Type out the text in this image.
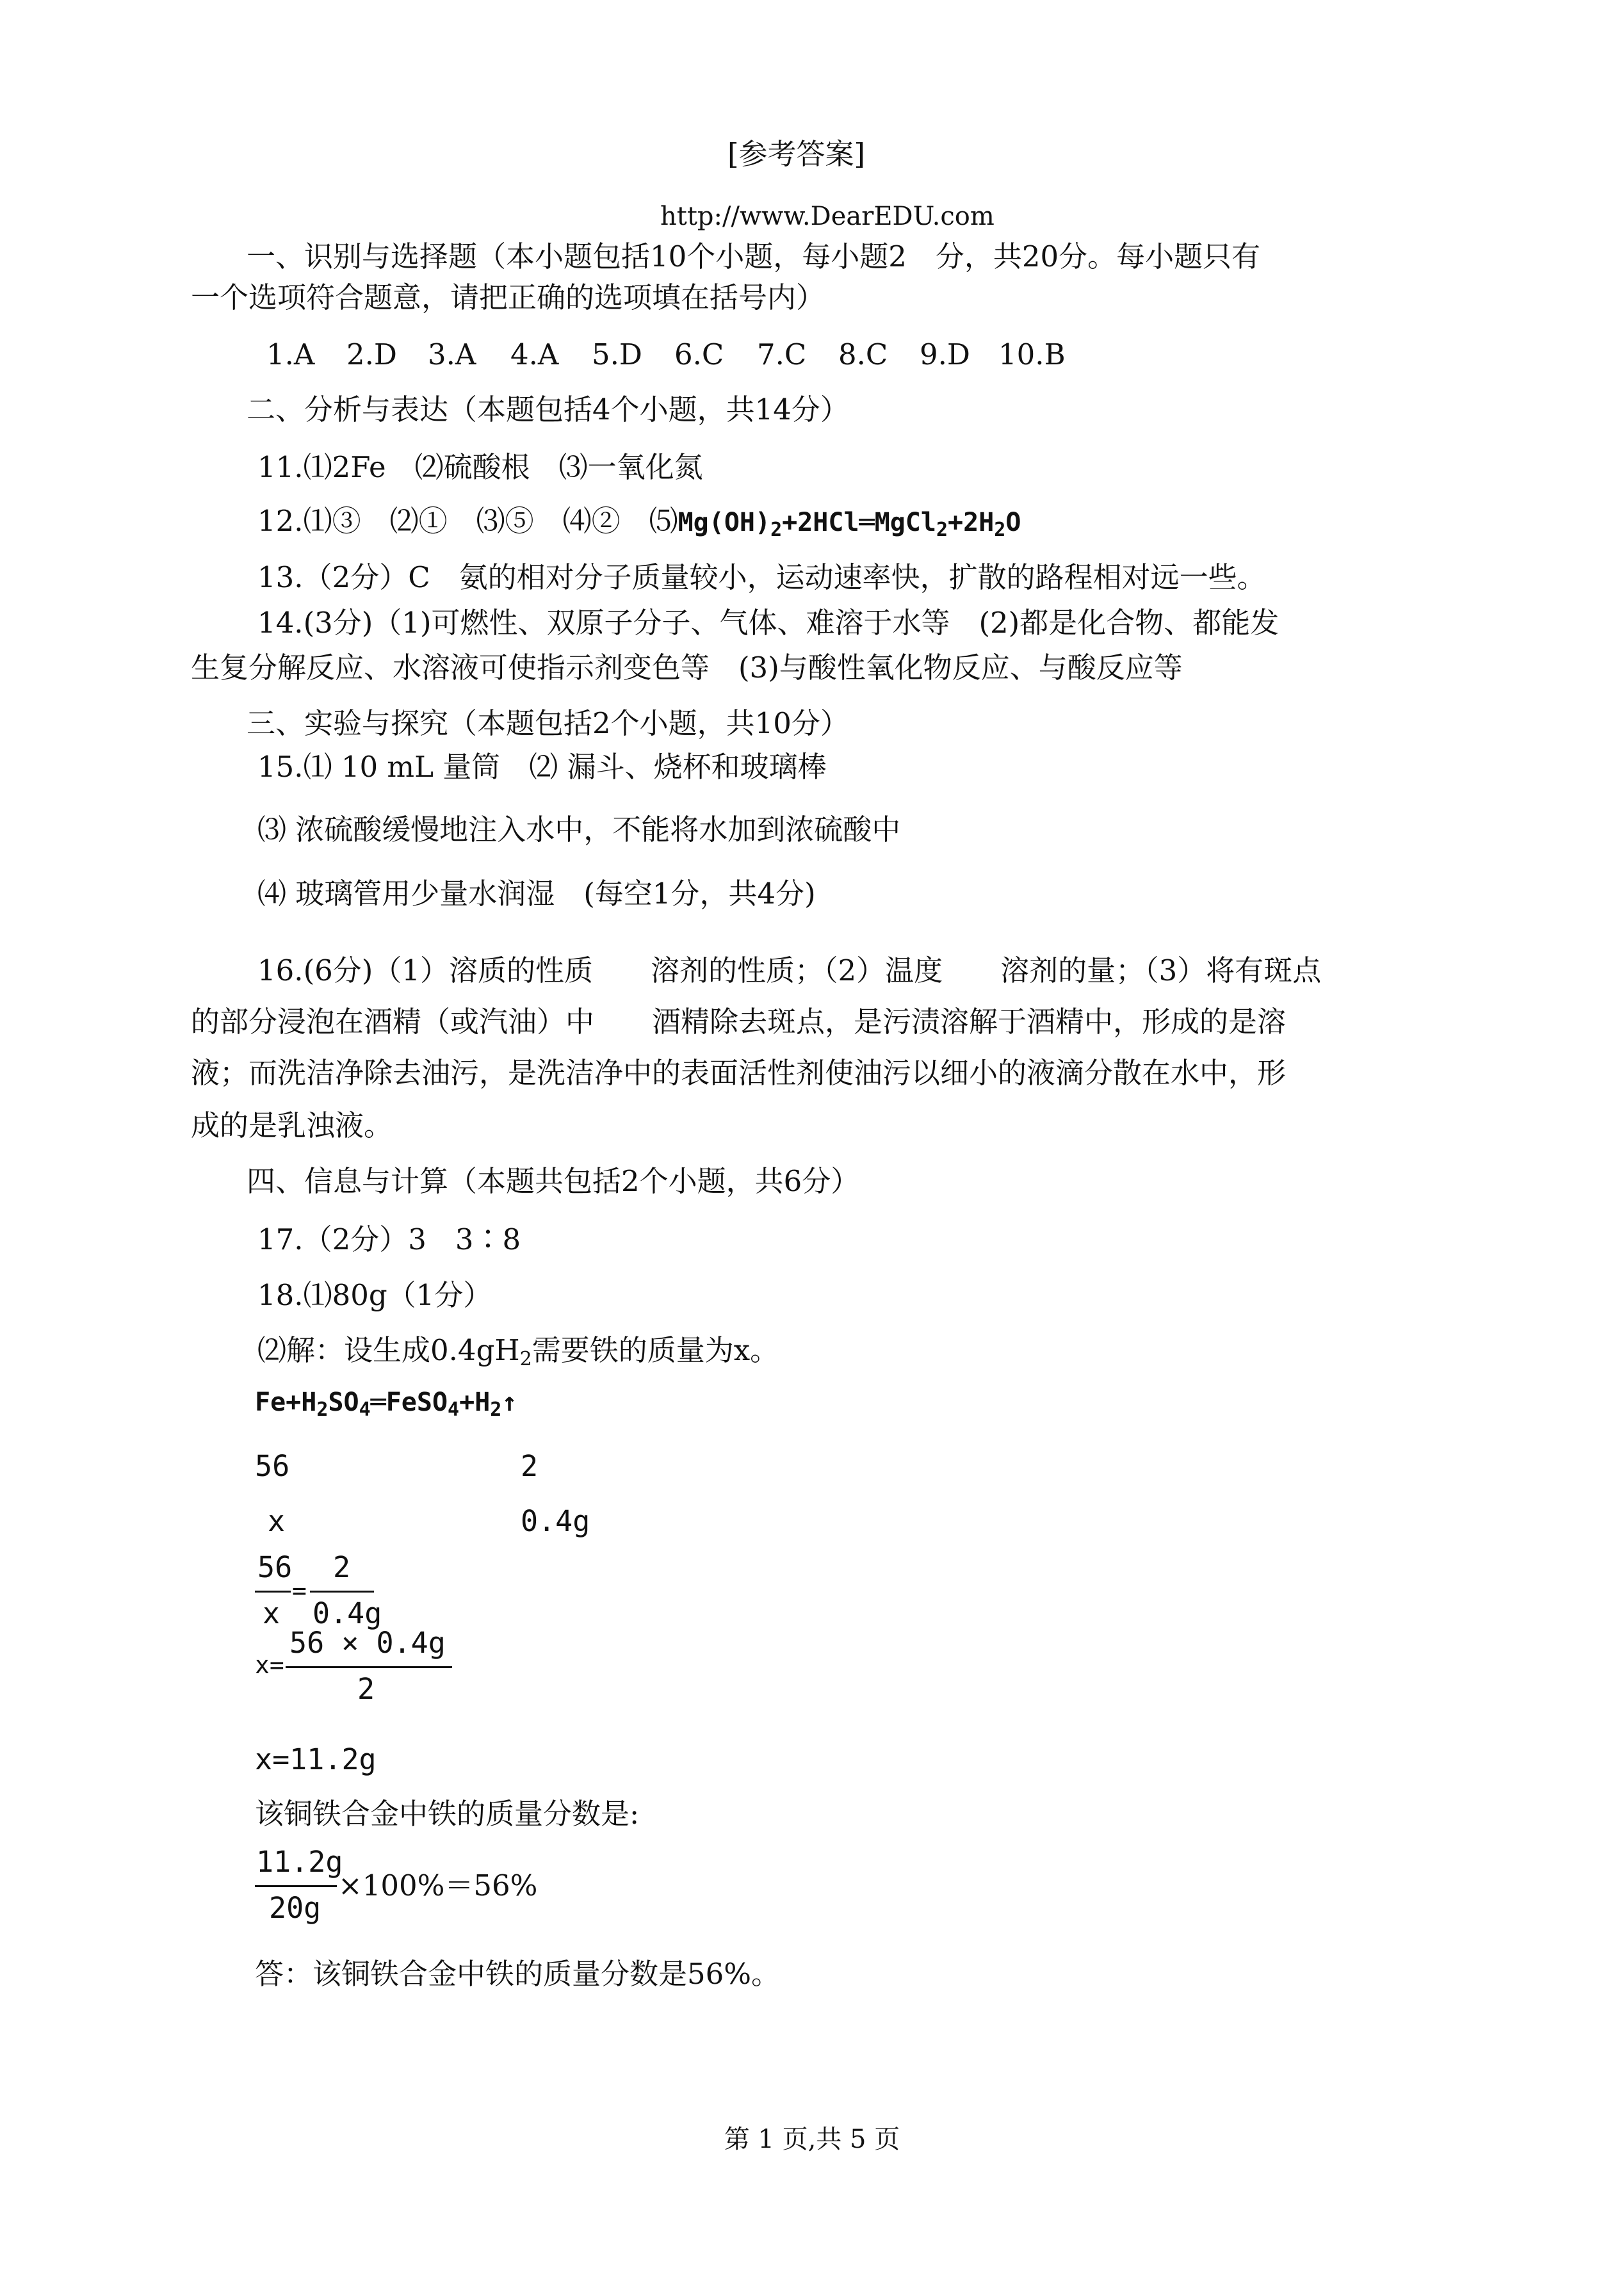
[参考答案]
http://www.DearEDU.com
一、识别与选择题（本小题包括10个小题，每小题2　分，共20分。每小题只有
一个选项符合题意，请把正确的选项填在括号内）
1.A 2.D 3.A 4.A 5.D 6.C 7.C 8.C 9.D 10.B
二、分析与表达（本题包括4个小题，共14分）
11.⑴2Fe　⑵硫酸根　⑶一氧化氮
12.⑴③　⑵①　⑶⑤　⑷②　$⑸Mg(OH)_2+2HCl═MgCl_2+2H_2O$
13.（2分）C　氨的相对分子质量较小，运动速率快，扩散的路程相对远一些。
14.(3分)（1)可燃性、双原子分子、气体、难溶于水等　(2)都是化合物、都能发
生复分解反应、水溶液可使指示剂变色等　(3)与酸性氧化物反应、与酸反应等
三、实验与探究（本题包括2个小题，共10分）
15.⑴ 10 mL 量筒　⑵ 漏斗、烧杯和玻璃棒
⑶ 浓硫酸缓慢地注入水中，不能将水加到浓硫酸中
⑷ 玻璃管用少量水润湿　(每空1分，共4分)
16.(6分)（1）溶质的性质　　溶剂的性质；（2）温度　　溶剂的量；（3）将有斑点
的部分浸泡在酒精（或汽油）中　　酒精除去斑点，是污渍溶解于酒精中，形成的是溶
液；而洗洁净除去油污，是洗洁净中的表面活性剂使油污以细小的液滴分散在水中，形
成的是乳浊液。
四、信息与计算（本题共包括2个小题，共6分）
17.（2分）3　3∶8
18.⑴80g（1分）
⑵解：设生成$0.4gH_2$需要铁的质量为x。
$Fe+H_2SO_4═FeSO_4+H_2↑$
56	2
x	0.4g
56
x
=
2
0.4g
x=
56 × 0.4g
2
x=11.2g
该铜铁合金中铁的质量分数是:
11.2g
20g
×100%＝56%
答：该铜铁合金中铁的质量分数是56%。
第 1 页,共 5 页
